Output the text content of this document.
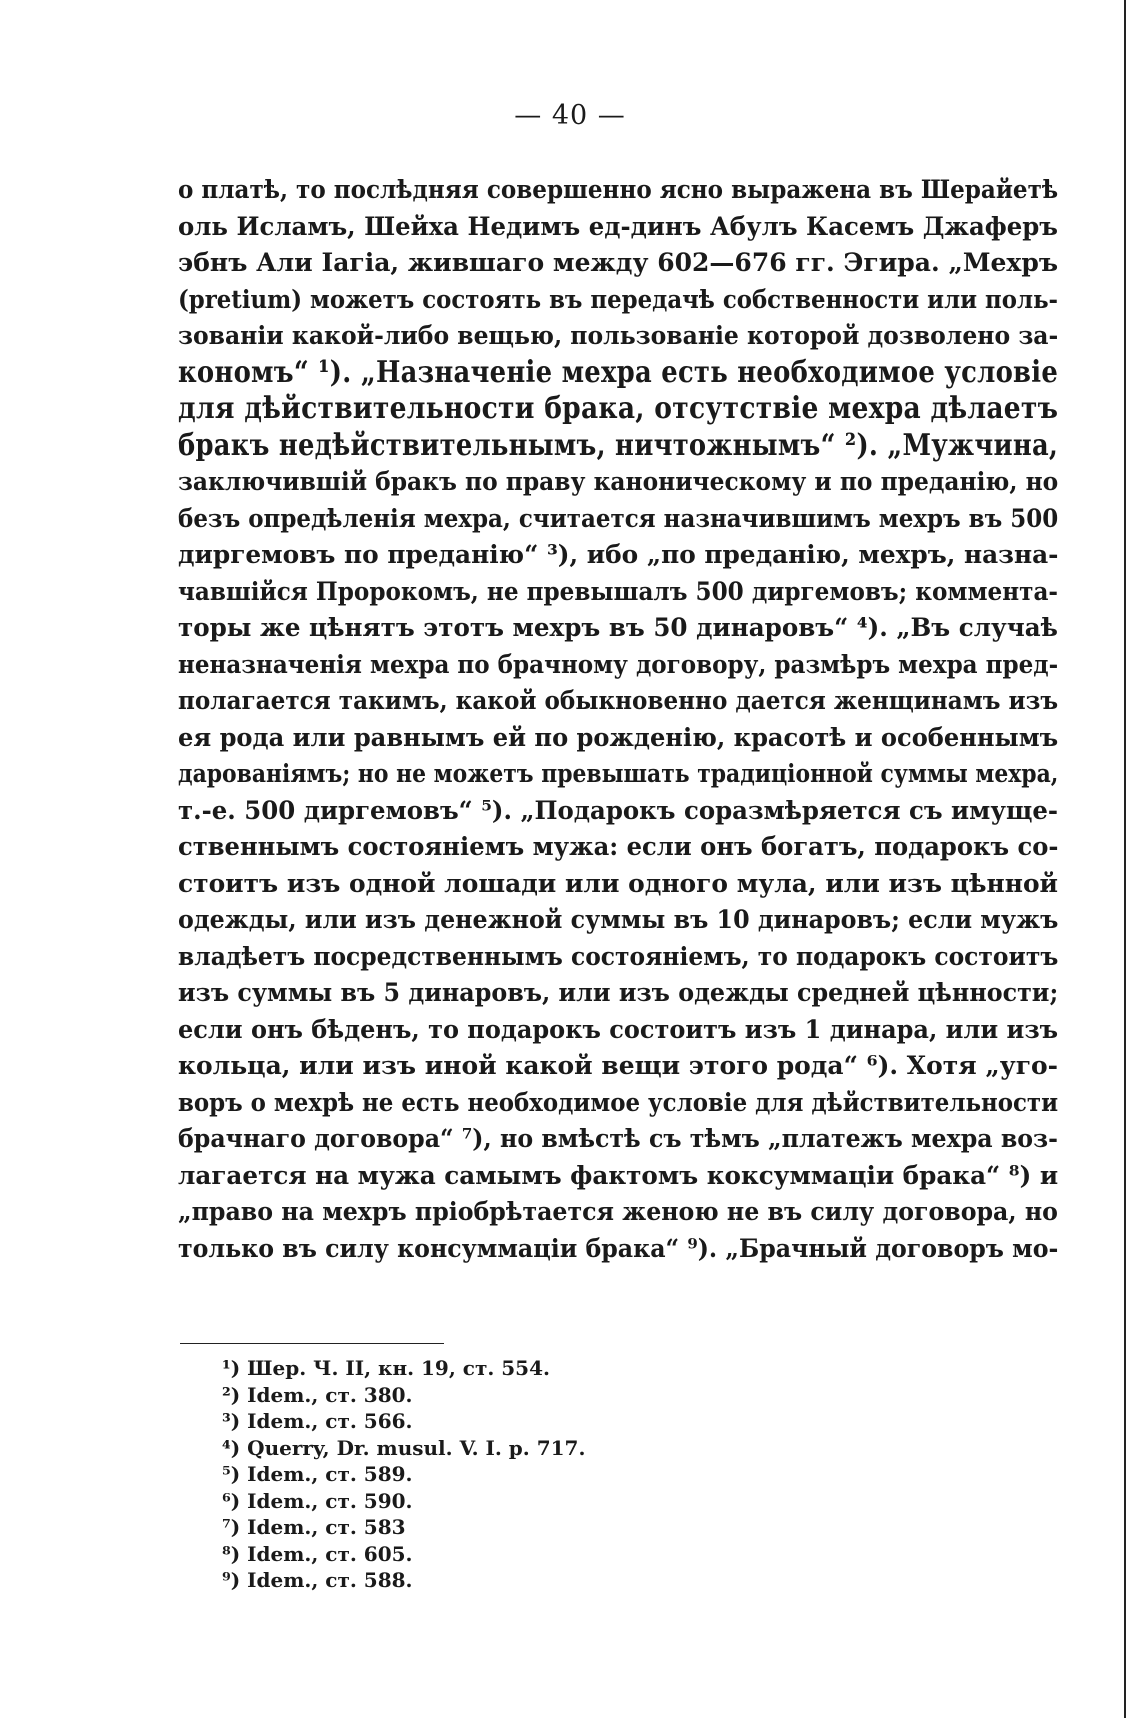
— 40 —
о платѣ, то послѣдняя совершенно ясно выражена въ Шерайетѣ
оль Исламъ, Шейха Недимъ ед-динъ Абулъ Касемъ Джаферъ
эбнъ Али Iагiа, жившаго между 602—676 гг. Эгира. „Мехръ
(pretium) можетъ состоять въ передачѣ собственности или поль-
зованiи какой-либо вещью, пользованiе которой дозволено за-
кономъ“ ¹). „Назначенiе мехра есть необходимое условiе
для дѣйствительности брака, отсутствiе мехра дѣлаетъ
бракъ недѣйствительнымъ, ничтожнымъ“ ²). „Мужчина,
заключившiй бракъ по праву каноническому и по преданiю, но
безъ опредѣленiя мехра, считается назначившимъ мехръ въ 500
диргемовъ по преданiю“ ³), ибо „по преданiю, мехръ, назна-
чавшiйся Пророкомъ, не превышалъ 500 диргемовъ; коммента-
торы же цѣнятъ этотъ мехръ въ 50 динаровъ“ ⁴). „Въ случаѣ
неназначенiя мехра по брачному договору, размѣръ мехра пред-
полагается такимъ, какой обыкновенно дается женщинамъ изъ
ея рода или равнымъ ей по рожденiю, красотѣ и особеннымъ
дарованiямъ; но не можетъ превышать традицiонной суммы мехра,
т.-е. 500 диргемовъ“ ⁵). „Подарокъ соразмѣряется съ имуще-
ственнымъ состоянiемъ мужа: если онъ богатъ, подарокъ со-
стоитъ изъ одной лошади или одного мула, или изъ цѣнной
одежды, или изъ денежной суммы въ 10 динаровъ; если мужъ
владѣетъ посредственнымъ состоянiемъ, то подарокъ состоитъ
изъ суммы въ 5 динаровъ, или изъ одежды средней цѣнности;
если онъ бѣденъ, то подарокъ состоитъ изъ 1 динара, или изъ
кольца, или изъ иной какой вещи этого рода“ ⁶). Хотя „уго-
воръ о мехрѣ не есть необходимое условiе для дѣйствительности
брачнаго договора“ ⁷), но вмѣстѣ съ тѣмъ „платежъ мехра воз-
лагается на мужа самымъ фактомъ коксуммацiи брака“ ⁸) и
„право на мехръ прiобрѣтается женою не въ силу договора, но
только въ силу консуммацiи брака“ ⁹). „Брачный договоръ мо-
¹) Шер. Ч. II, кн. 19, ст. 554.
²) Idem., ст. 380.
³) Idem., ст. 566.
⁴) Querry, Dr. musul. V. I. p. 717.
⁵) Idem., ст. 589.
⁶) Idem., ст. 590.
⁷) Idem., ст. 583
⁸) Idem., ст. 605.
⁹) Idem., ст. 588.
